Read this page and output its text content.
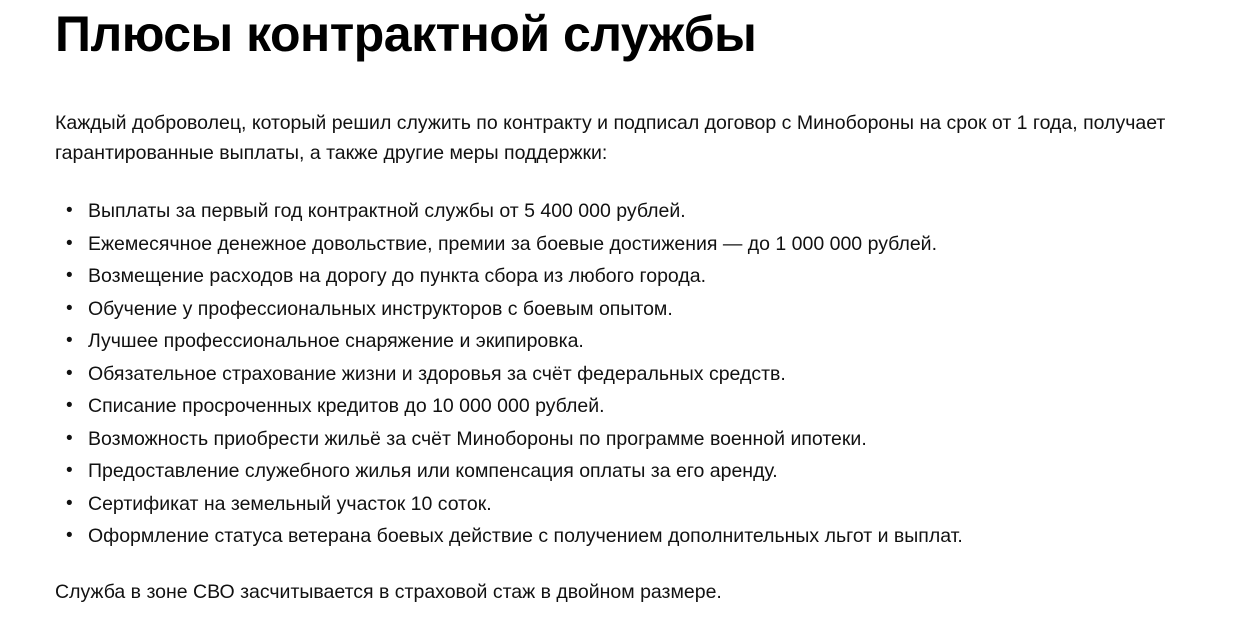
Плюсы контрактной службы

Каждый доброволец, который решил служить по контракту и подписал договор с Минобороны на срок от 1 года, получает гарантированные выплаты, а также другие меры поддержки:

• Выплаты за первый год контрактной службы от 5 400 000 рублей.
• Ежемесячное денежное довольствие, премии за боевые достижения — до 1 000 000 рублей.
• Возмещение расходов на дорогу до пункта сбора из любого города.
• Обучение у профессиональных инструкторов с боевым опытом.
• Лучшее профессиональное снаряжение и экипировка.
• Обязательное страхование жизни и здоровья за счёт федеральных средств.
• Списание просроченных кредитов до 10 000 000 рублей.
• Возможность приобрести жильё за счёт Минобороны по программе военной ипотеки.
• Предоставление служебного жилья или компенсация оплаты за его аренду.
• Сертификат на земельный участок 10 соток.
• Оформление статуса ветерана боевых действие с получением дополнительных льгот и выплат.

Служба в зоне СВО засчитывается в страховой стаж в двойном размере.
